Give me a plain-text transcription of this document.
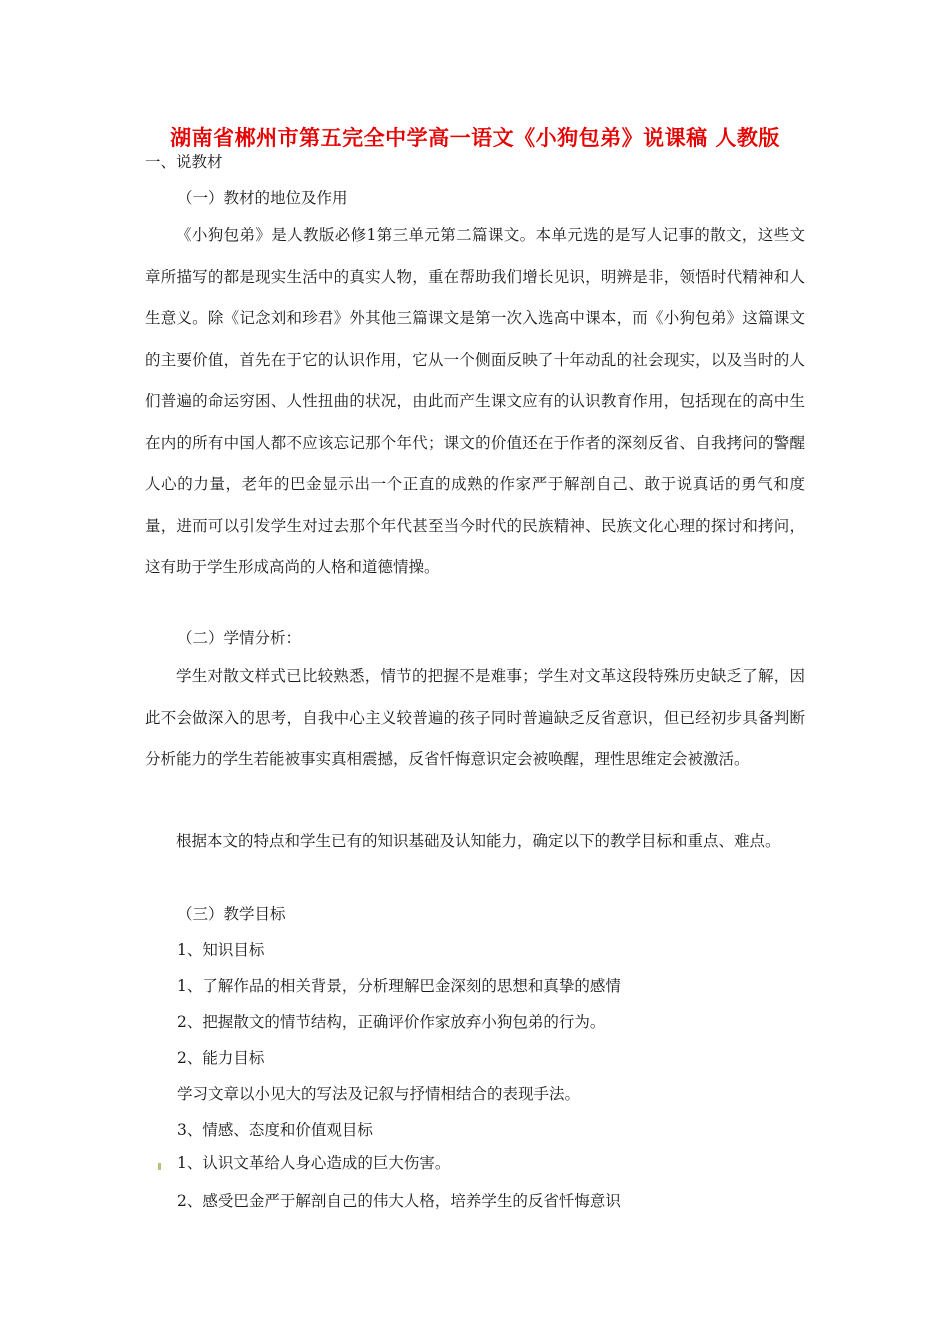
湖南省郴州市第五完全中学高一语文《小狗包弟》说课稿 人教版
一、说教材
（一）教材的地位及作用
《小狗包弟》是人教版必修1第三单元第二篇课文。本单元选的是写人记事的散文，这些文章所描写的都是现实生活中的真实人物，重在帮助我们增长见识，明辨是非，领悟时代精神和人生意义。除《记念刘和珍君》外其他三篇课文是第一次入选高中课本，而《小狗包弟》这篇课文的主要价值，首先在于它的认识作用，它从一个侧面反映了十年动乱的社会现实，以及当时的人们普遍的命运穷困、人性扭曲的状况，由此而产生课文应有的认识教育作用，包括现在的高中生在内的所有中国人都不应该忘记那个年代；课文的价值还在于作者的深刻反省、自我拷问的警醒人心的力量，老年的巴金显示出一个正直的成熟的作家严于解剖自己、敢于说真话的勇气和度量，进而可以引发学生对过去那个年代甚至当今时代的民族精神、民族文化心理的探讨和拷问，这有助于学生形成高尚的人格和道德情操。
（二）学情分析：
学生对散文样式已比较熟悉，情节的把握不是难事；学生对文革这段特殊历史缺乏了解，因此不会做深入的思考，自我中心主义较普遍的孩子同时普遍缺乏反省意识，但已经初步具备判断分析能力的学生若能被事实真相震撼，反省忏悔意识定会被唤醒，理性思维定会被激活。
根据本文的特点和学生已有的知识基础及认知能力，确定以下的教学目标和重点、难点。
（三）教学目标
1、知识目标
1、了解作品的相关背景，分析理解巴金深刻的思想和真挚的感情
2、把握散文的情节结构，正确评价作家放弃小狗包弟的行为。
2、能力目标
学习文章以小见大的写法及记叙与抒情相结合的表现手法。
3、情感、态度和价值观目标
1、认识文革给人身心造成的巨大伤害。
2、感受巴金严于解剖自己的伟大人格，培养学生的反省忏悔意识
